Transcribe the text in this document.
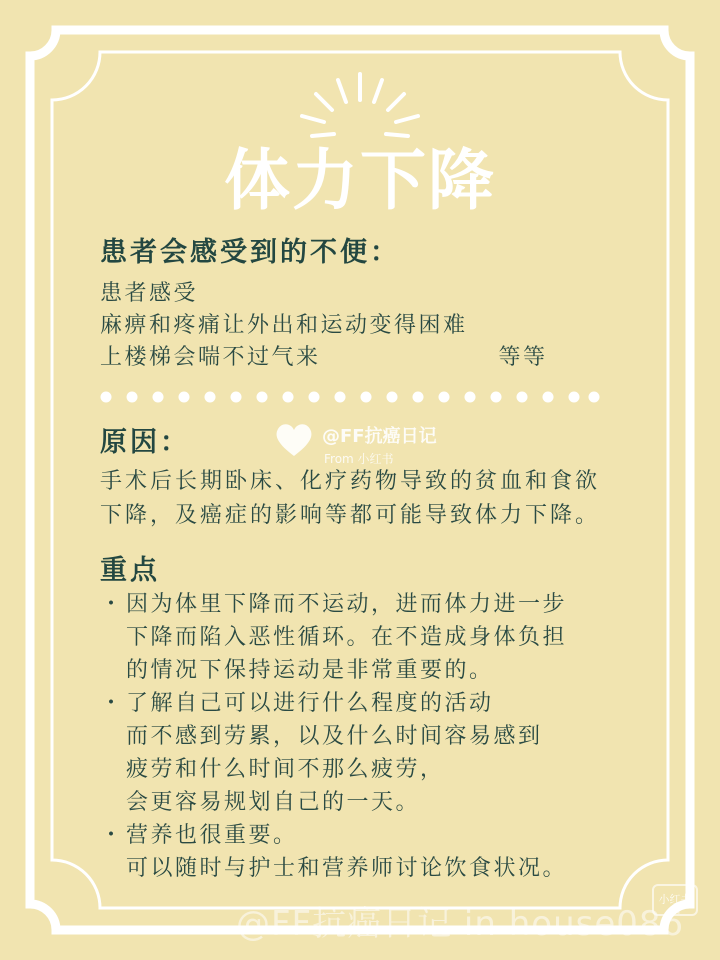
体力下降
患者会感受到的不便：
患者感受
麻痹和疼痛让外出和运动变得困难
上楼梯会喘不过气来	等等
原因：	@FF抗癌日记
From 小红书
手术后长期卧床、化疗药物导致的贫血和食欲
下降，及癌症的影响等都可能导致体力下降。
重点
・ 因为体里下降而不运动，进而体力进一步
下降而陷入恶性循环。在不造成身体负担
的情况下保持运动是非常重要的。
・ 了解自己可以进行什么程度的活动
而不感到劳累，以及什么时间容易感到
疲劳和什么时间不那么疲劳，
会更容易规划自己的一天。
・ 营养也很重要。
可以随时与护士和营养师讨论饮食状况。
@FF抗癌日记 in house086
小红书
